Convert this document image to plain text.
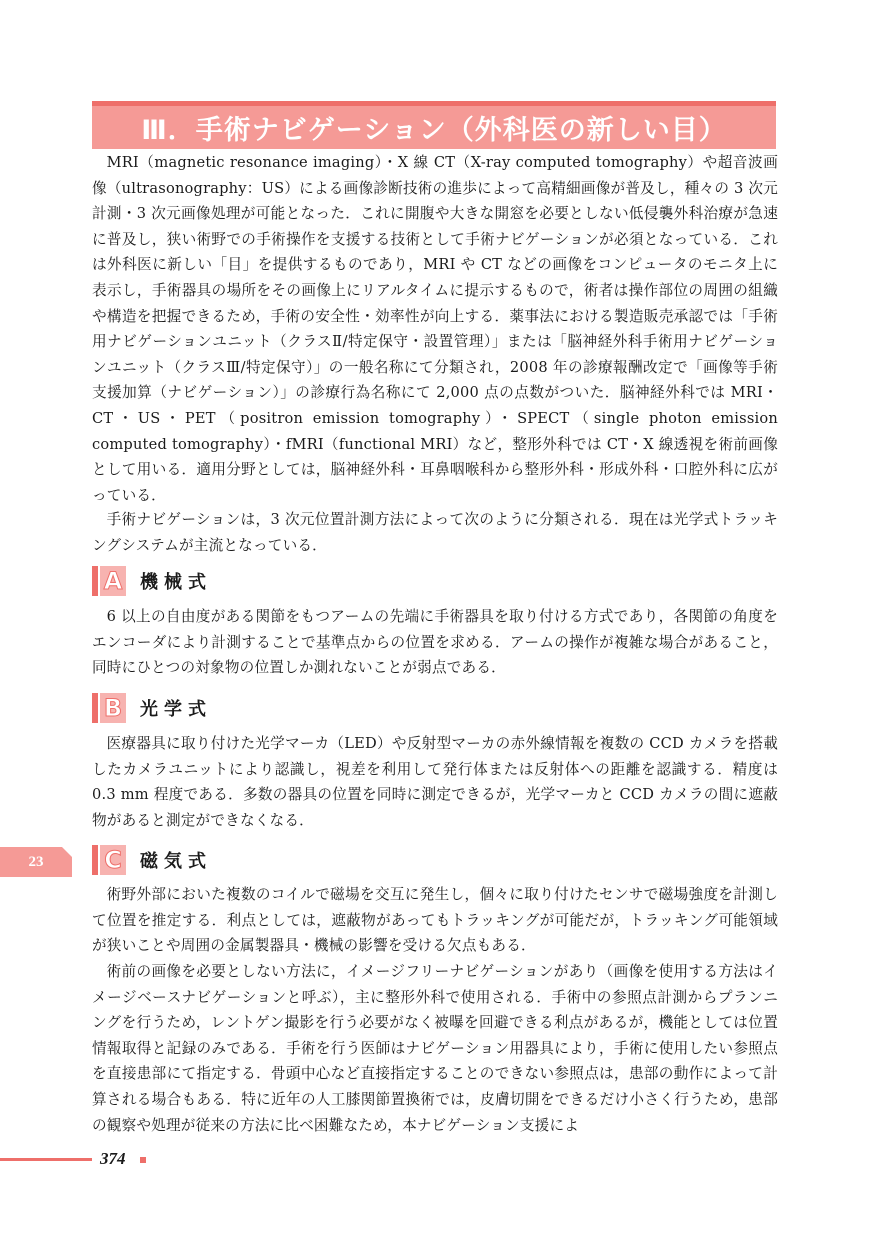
Ⅲ．手術ナビゲーション（外科医の新しい目）

MRI（magnetic resonance imaging）・X 線 CT（X-ray computed tomography）や超音波画像（ultrasonography：US）による画像診断技術の進歩によって高精細画像が普及し，種々の 3 次元計測・3 次元画像処理が可能となった．これに開腹や大きな開窓を必要としない低侵襲外科治療が急速に普及し，狭い術野での手術操作を支援する技術として手術ナビゲーションが必須となっている．これは外科医に新しい「目」を提供するものであり，MRI や CT などの画像をコンピュータのモニタ上に表示し，手術器具の場所をその画像上にリアルタイムに提示するもので，術者は操作部位の周囲の組織や構造を把握できるため，手術の安全性・効率性が向上する．薬事法における製造販売承認では「手術用ナビゲーションユニット（クラスⅡ/特定保守・設置管理）」または「脳神経外科手術用ナビゲーションユニット（クラスⅢ/特定保守）」の一般名称にて分類され，2008 年の診療報酬改定で「画像等手術支援加算（ナビゲーション）」の診療行為名称にて 2,000 点の点数がついた．脳神経外科では MRI・CT・US・PET（positron emission tomography）・SPECT（single photon emission computed tomography）・fMRI（functional MRI）など，整形外科では CT・X 線透視を術前画像として用いる．適用分野としては，脳神経外科・耳鼻咽喉科から整形外科・形成外科・口腔外科に広がっている．

手術ナビゲーションは，3 次元位置計測方法によって次のように分類される．現在は光学式トラッキングシステムが主流となっている．

A 機械式

6 以上の自由度がある関節をもつアームの先端に手術器具を取り付ける方式であり，各関節の角度をエンコーダにより計測することで基準点からの位置を求める．アームの操作が複雑な場合があること，同時にひとつの対象物の位置しか測れないことが弱点である．

B 光学式

医療器具に取り付けた光学マーカ（LED）や反射型マーカの赤外線情報を複数の CCD カメラを搭載したカメラユニットにより認識し，視差を利用して発行体または反射体への距離を認識する．精度は 0.3 mm 程度である．多数の器具の位置を同時に測定できるが，光学マーカと CCD カメラの間に遮蔽物があると測定ができなくなる．

23	C 磁気式

術野外部においた複数のコイルで磁場を交互に発生し，個々に取り付けたセンサで磁場強度を計測して位置を推定する．利点としては，遮蔽物があってもトラッキングが可能だが，トラッキング可能領域が狭いことや周囲の金属製器具・機械の影響を受ける欠点もある．

術前の画像を必要としない方法に，イメージフリーナビゲーションがあり（画像を使用する方法はイメージベースナビゲーションと呼ぶ），主に整形外科で使用される．手術中の参照点計測からプランニングを行うため，レントゲン撮影を行う必要がなく被曝を回避できる利点があるが，機能としては位置情報取得と記録のみである．手術を行う医師はナビゲーション用器具により，手術に使用したい参照点を直接患部にて指定する．骨頭中心など直接指定することのできない参照点は，患部の動作によって計算される場合もある．特に近年の人工膝関節置換術では，皮膚切開をできるだけ小さく行うため，患部の観察や処理が従来の方法に比べ困難なため，本ナビゲーション支援によ

374
